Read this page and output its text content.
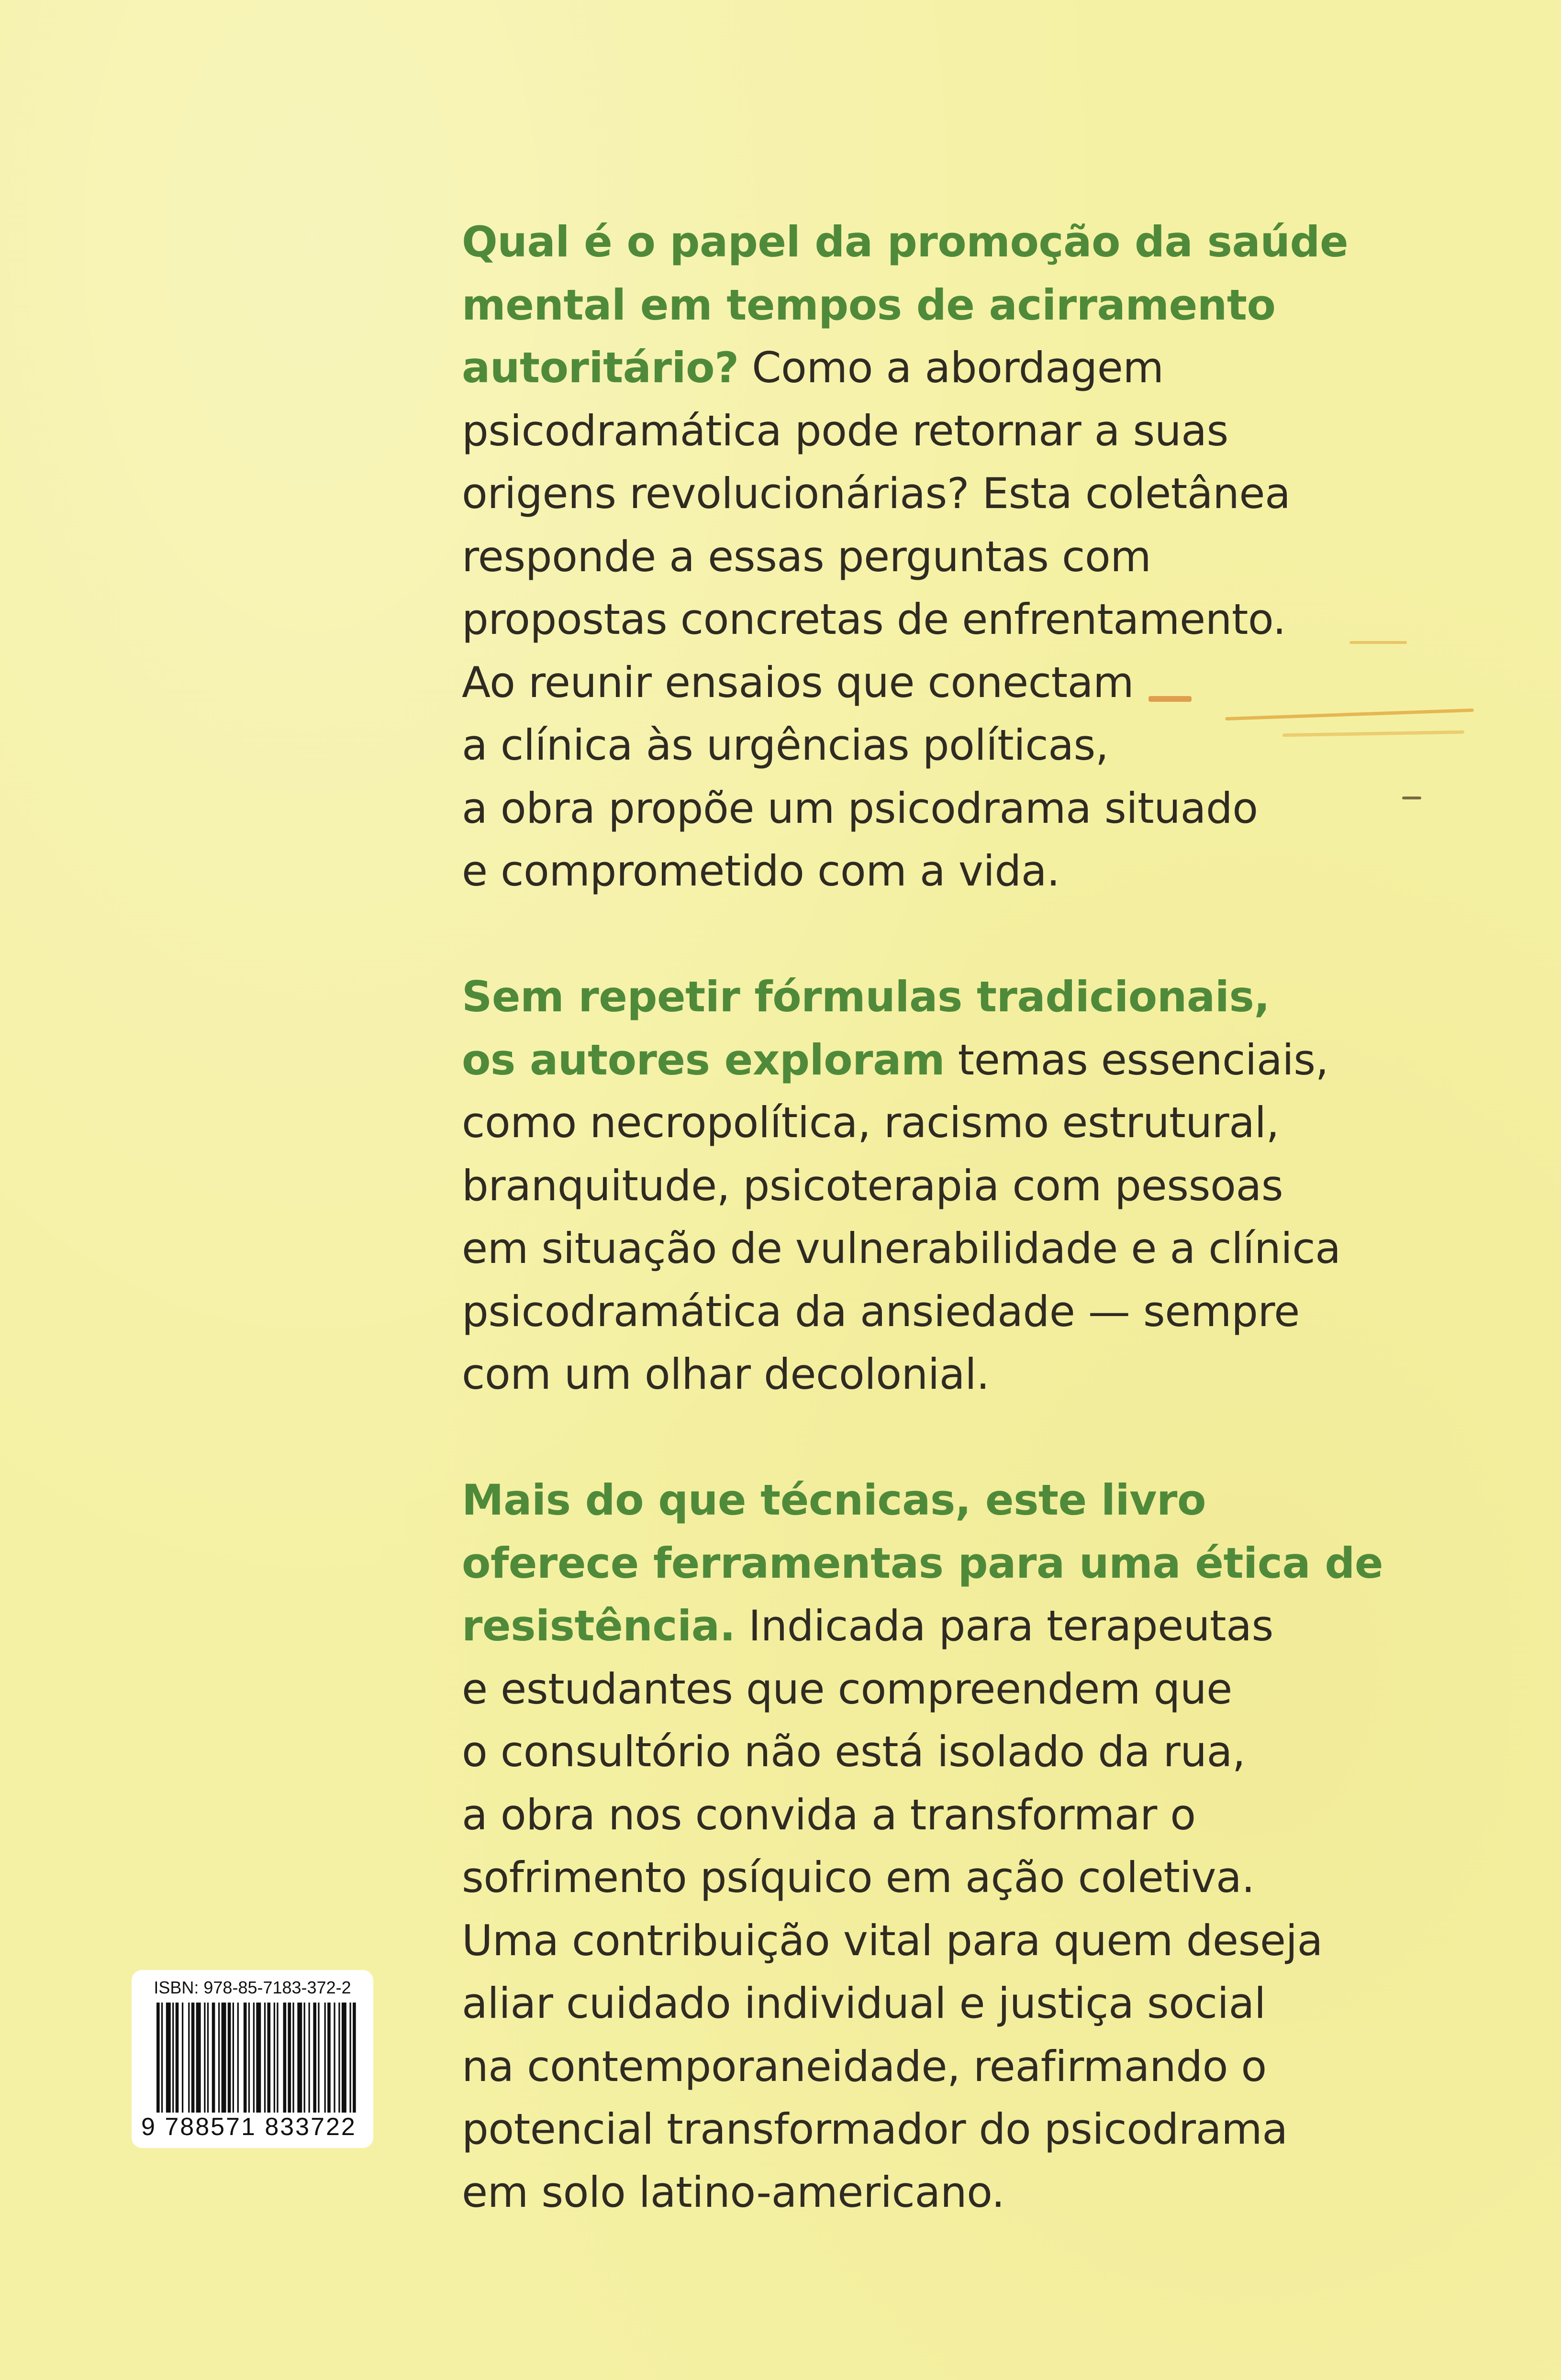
Qual é o papel da promoção da saúde
mental em tempos de acirramento
autoritário? Como a abordagem
psicodramática pode retornar a suas
origens revolucionárias? Esta coletânea
responde a essas perguntas com
propostas concretas de enfrentamento.
Ao reunir ensaios que conectam
a clínica às urgências políticas,
a obra propõe um psicodrama situado
e comprometido com a vida.

Sem repetir fórmulas tradicionais,
os autores exploram temas essenciais,
como necropolítica, racismo estrutural,
branquitude, psicoterapia com pessoas
em situação de vulnerabilidade e a clínica
psicodramática da ansiedade — sempre
com um olhar decolonial.

Mais do que técnicas, este livro
oferece ferramentas para uma ética de
resistência. Indicada para terapeutas
e estudantes que compreendem que
o consultório não está isolado da rua,
a obra nos convida a transformar o
sofrimento psíquico em ação coletiva.
Uma contribuição vital para quem deseja
aliar cuidado individual e justiça social
na contemporaneidade, reafirmando o
potencial transformador do psicodrama
em solo latino-americano.

ISBN: 978-85-7183-372-2
9 788571 833722
